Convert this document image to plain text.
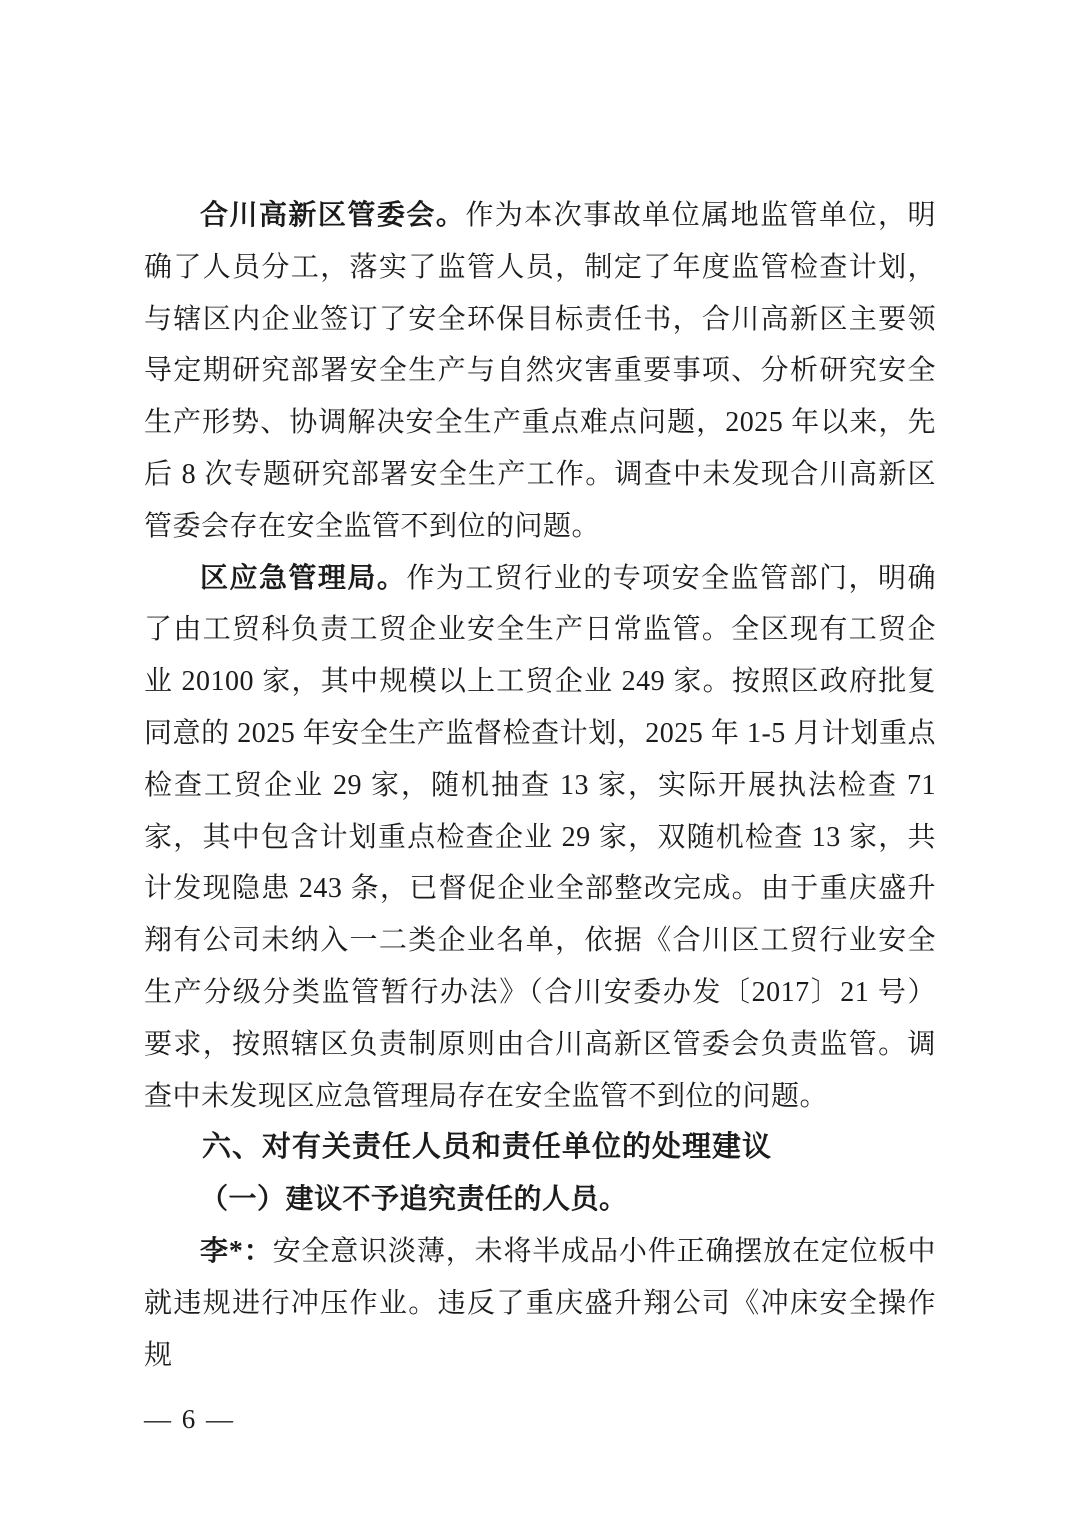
合川高新区管委会。作为本次事故单位属地监管单位，明确了人员分工，落实了监管人员，制定了年度监管检查计划，与辖区内企业签订了安全环保目标责任书，合川高新区主要领导定期研究部署安全生产与自然灾害重要事项、分析研究安全生产形势、协调解决安全生产重点难点问题，2025 年以来，先后 8 次专题研究部署安全生产工作。调查中未发现合川高新区管委会存在安全监管不到位的问题。

区应急管理局。作为工贸行业的专项安全监管部门，明确了由工贸科负责工贸企业安全生产日常监管。全区现有工贸企业 20100 家，其中规模以上工贸企业 249 家。按照区政府批复同意的 2025 年安全生产监督检查计划，2025 年 1-5 月计划重点检查工贸企业 29 家，随机抽查 13 家，实际开展执法检查 71 家，其中包含计划重点检查企业 29 家，双随机检查 13 家，共计发现隐患 243 条，已督促企业全部整改完成。由于重庆盛升翔有公司未纳入一二类企业名单，依据《合川区工贸行业安全生产分级分类监管暂行办法》（合川安委办发〔2017〕21 号）要求，按照辖区负责制原则由合川高新区管委会负责监管。调查中未发现区应急管理局存在安全监管不到位的问题。

六、对有关责任人员和责任单位的处理建议
（一）建议不予追究责任的人员。

李*：安全意识淡薄，未将半成品小件正确摆放在定位板中就违规进行冲压作业。违反了重庆盛升翔公司《冲床安全操作规

— 6 —
